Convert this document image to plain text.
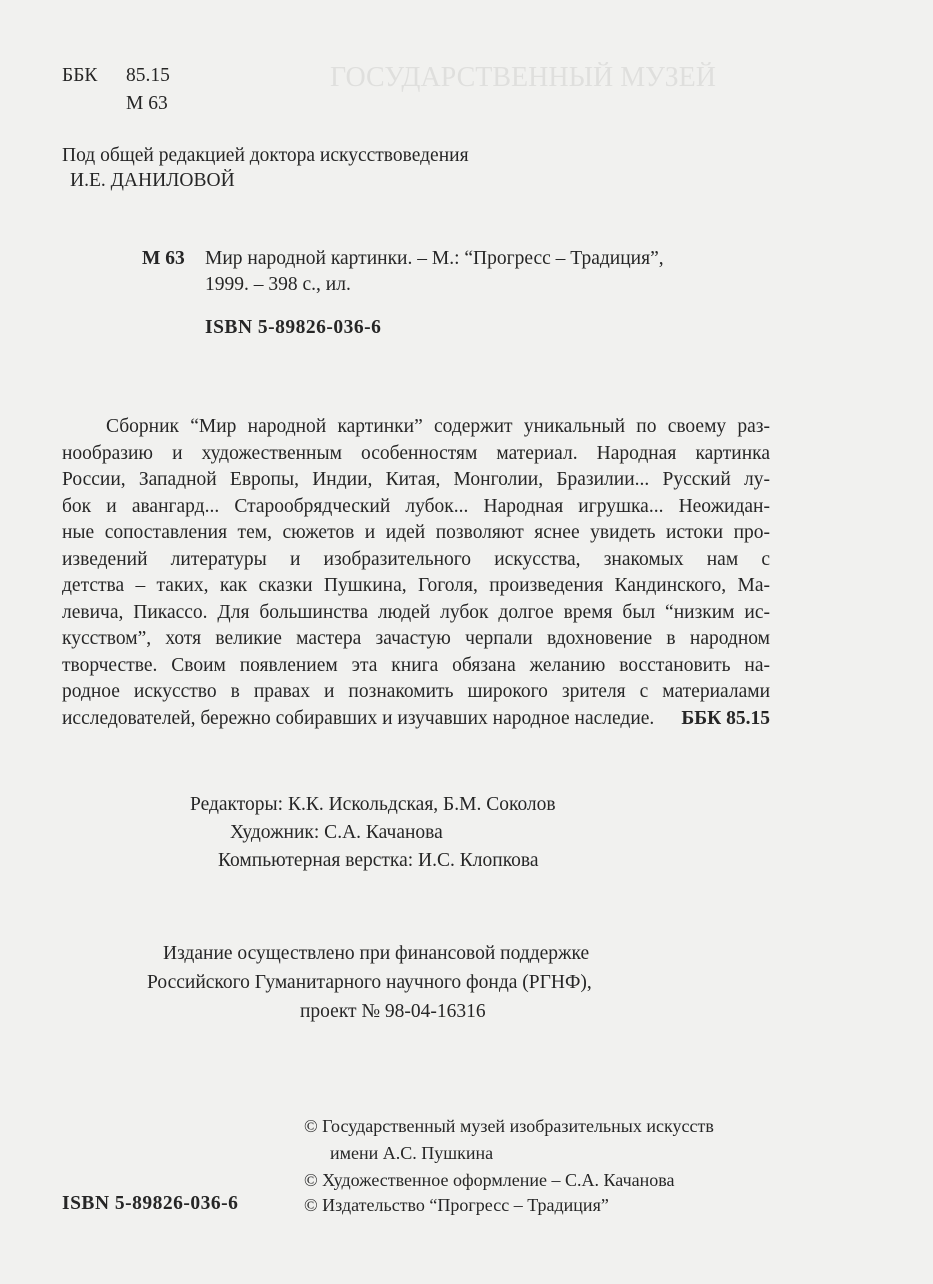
ГОСУДАРСТВЕННЫЙ МУЗЕЙ
ББК 85.15
М 63
Под общей редакцией доктора искусствоведения
И.Е. ДАНИЛОВОЙ
М 63 Мир народной картинки. – М.: “Прогресс – Традиция”,
1999. – 398 с., ил.
ISBN 5-89826-036-6
Сборник “Мир народной картинки” содержит уникальный по своему раз-
нообразию и художественным особенностям материал. Народная картинка
России, Западной Европы, Индии, Китая, Монголии, Бразилии... Русский лу-
бок и авангард... Старообрядческий лубок... Народная игрушка... Неожидан-
ные сопоставления тем, сюжетов и идей позволяют яснее увидеть истоки про-
изведений литературы и изобразительного искусства, знакомых нам с
детства – таких, как сказки Пушкина, Гоголя, произведения Кандинского, Ма-
левича, Пикассо. Для большинства людей лубок долгое время был “низким ис-
кусством”, хотя великие мастера зачастую черпали вдохновение в народном
творчестве. Своим появлением эта книга обязана желанию восстановить на-
родное искусство в правах и познакомить широкого зрителя с материалами
исследователей, бережно собиравших и изучавших народное наследие.	ББК 85.15
Редакторы: К.К. Искольдская, Б.М. Соколов
Художник: С.А. Качанова
Компьютерная верстка: И.С. Клопкова
Издание осуществлено при финансовой поддержке
Российского Гуманитарного научного фонда (РГНФ),
проект № 98-04-16316
© Государственный музей изобразительных искусств
имени А.С. Пушкина
© Художественное оформление – С.А. Качанова
© Издательство “Прогресс – Традиция”
ISBN 5-89826-036-6
